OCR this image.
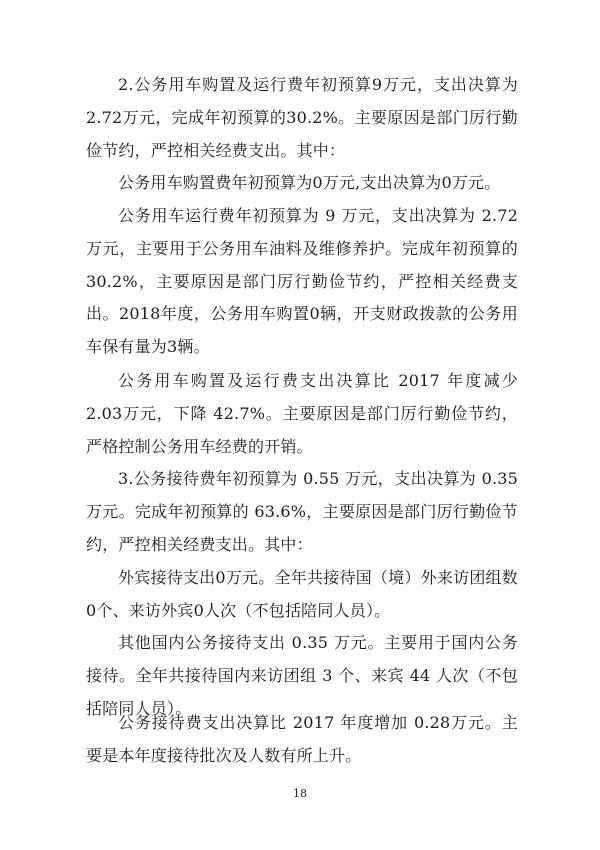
2.公务用车购置及运行费年初预算9万元，支出决算为2.72万元，完成年初预算的30.2%。主要原因是部门厉行勤俭节约，严控相关经费支出。其中：

公务用车购置费年初预算为0万元,支出决算为0万元。

公务用车运行费年初预算为 9 万元，支出决算为 2.72万元，主要用于公务用车油料及维修养护。完成年初预算的30.2%，主要原因是部门厉行勤俭节约，严控相关经费支出。2018年度，公务用车购置0辆，开支财政拨款的公务用车保有量为3辆。

公务用车购置及运行费支出决算比 2017 年度减少 2.03万元，下降 42.7%。主要原因是部门厉行勤俭节约，严格控制公务用车经费的开销。

3.公务接待费年初预算为 0.55 万元，支出决算为 0.35万元。完成年初预算的 63.6%，主要原因是部门厉行勤俭节约，严控相关经费支出。其中：

外宾接待支出0万元。全年共接待国（境）外来访团组数0个、来访外宾0人次（不包括陪同人员）。

其他国内公务接待支出 0.35 万元。主要用于国内公务接待。全年共接待国内来访团组 3 个、来宾 44 人次（不包括陪同人员）。

公务接待费支出决算比 2017 年度增加 0.28万元。主要是本年度接待批次及人数有所上升。

18
